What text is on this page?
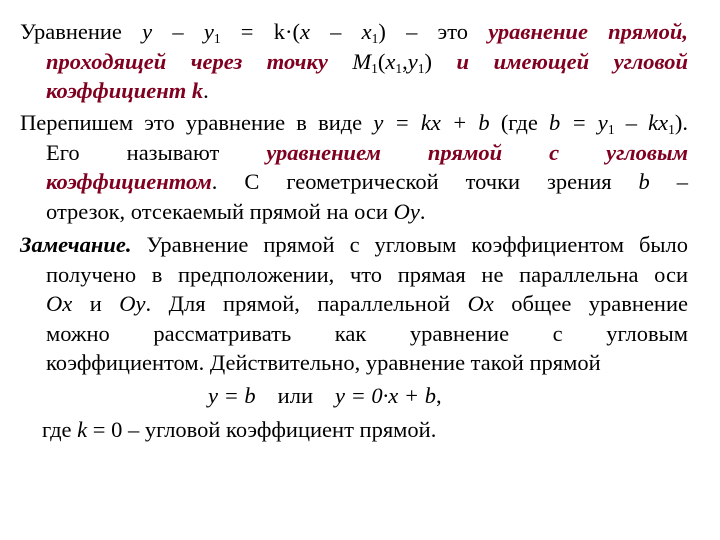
Уравнение $y - y_1 = k\cdot(x - x_1)$ – это уравнение прямой,
проходящей через точку $M_1(x_1,y_1)$ и имеющей угловой
коэффициент k.
Перепишем это уравнение в виде y = kx + b (где $b = y_1 - kx_1$).
Его называют уравнением прямой с угловым
коэффициентом. С геометрической точки зрения b –
отрезок, отсекаемый прямой на оси Oy.
Замечание. Уравнение прямой с угловым коэффициентом было
получено в предположении, что прямая не параллельна оси
Ox и Oy. Для прямой, параллельной Ox общее уравнение
можно рассматривать как уравнение с угловым
коэффициентом. Действительно, уравнение такой прямой
y = b или y = 0·x + b,
где k = 0 – угловой коэффициент прямой.
